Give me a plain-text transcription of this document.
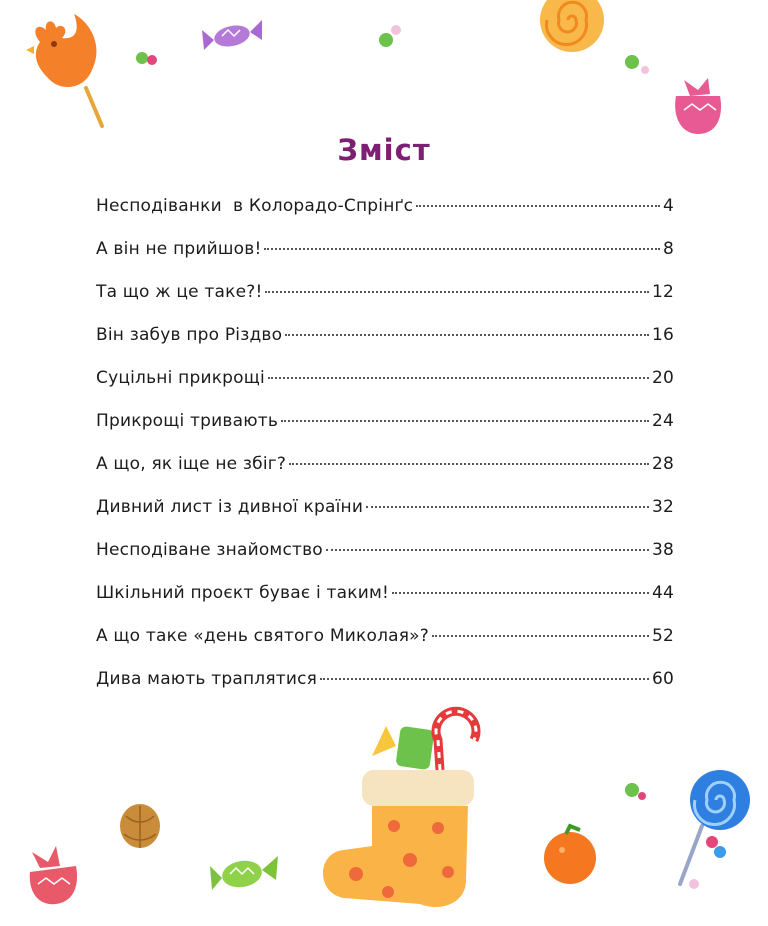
Зміст
Несподіванки  в Колорадо-Спрінґс	4
А він не прийшов!	8
Та що ж це таке?!	12
Він забув про Різдво	16
Суцільні прикрощі	20
Прикрощі тривають	24
А що, як іще не збіг?	28
Дивний лист із дивної країни	32
Несподіване знайомство	38
Шкільний проєкт буває і таким!	44
А що таке «день святого Миколая»?	52
Дива мають траплятися	60
